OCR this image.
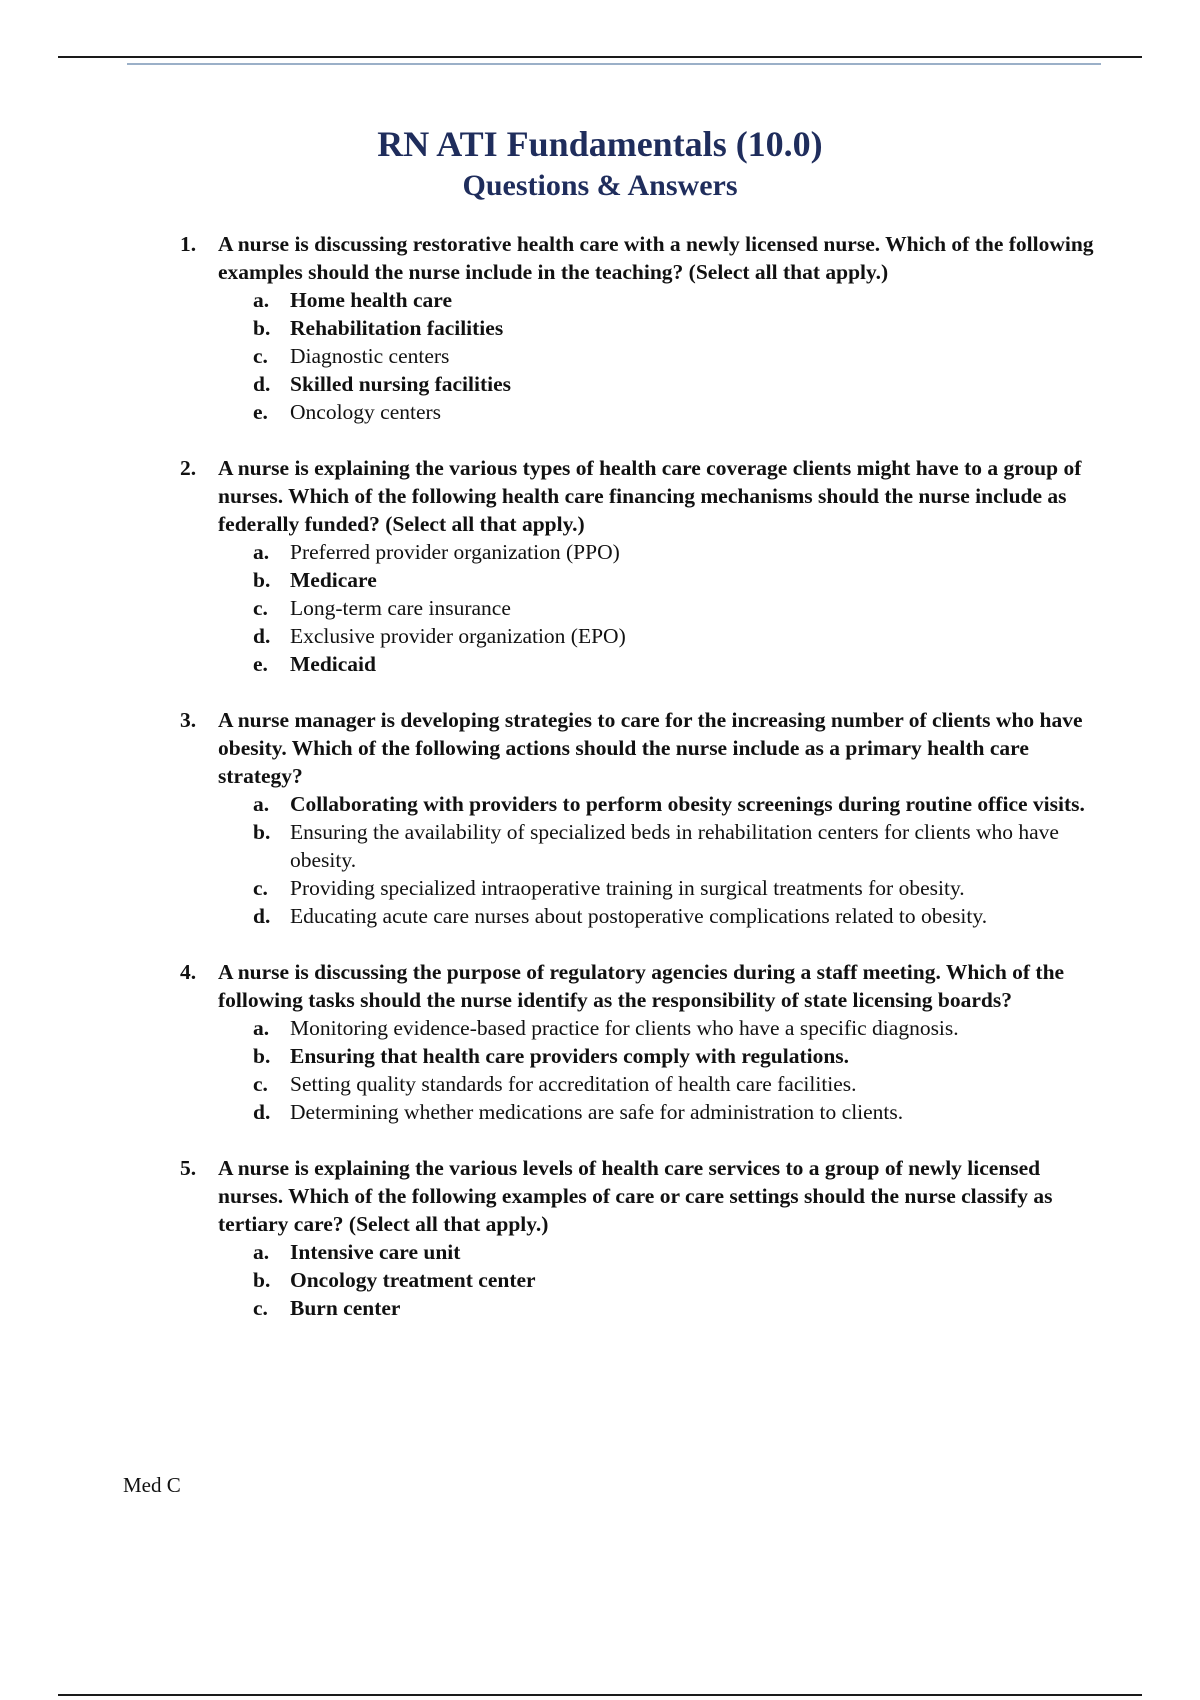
RN ATI Fundamentals (10.0)
Questions & Answers
1. A nurse is discussing restorative health care with a newly licensed nurse. Which of the following examples should the nurse include in the teaching? (Select all that apply.)
a. Home health care
b. Rehabilitation facilities
c. Diagnostic centers
d. Skilled nursing facilities
e. Oncology centers
2. A nurse is explaining the various types of health care coverage clients might have to a group of nurses. Which of the following health care financing mechanisms should the nurse include as federally funded? (Select all that apply.)
a. Preferred provider organization (PPO)
b. Medicare
c. Long-term care insurance
d. Exclusive provider organization (EPO)
e. Medicaid
3. A nurse manager is developing strategies to care for the increasing number of clients who have obesity. Which of the following actions should the nurse include as a primary health care strategy?
a. Collaborating with providers to perform obesity screenings during routine office visits.
b. Ensuring the availability of specialized beds in rehabilitation centers for clients who have obesity.
c. Providing specialized intraoperative training in surgical treatments for obesity.
d. Educating acute care nurses about postoperative complications related to obesity.
4. A nurse is discussing the purpose of regulatory agencies during a staff meeting. Which of the following tasks should the nurse identify as the responsibility of state licensing boards?
a. Monitoring evidence-based practice for clients who have a specific diagnosis.
b. Ensuring that health care providers comply with regulations.
c. Setting quality standards for accreditation of health care facilities.
d. Determining whether medications are safe for administration to clients.
5. A nurse is explaining the various levels of health care services to a group of newly licensed nurses. Which of the following examples of care or care settings should the nurse classify as tertiary care? (Select all that apply.)
a. Intensive care unit
b. Oncology treatment center
c. Burn center
Med C
